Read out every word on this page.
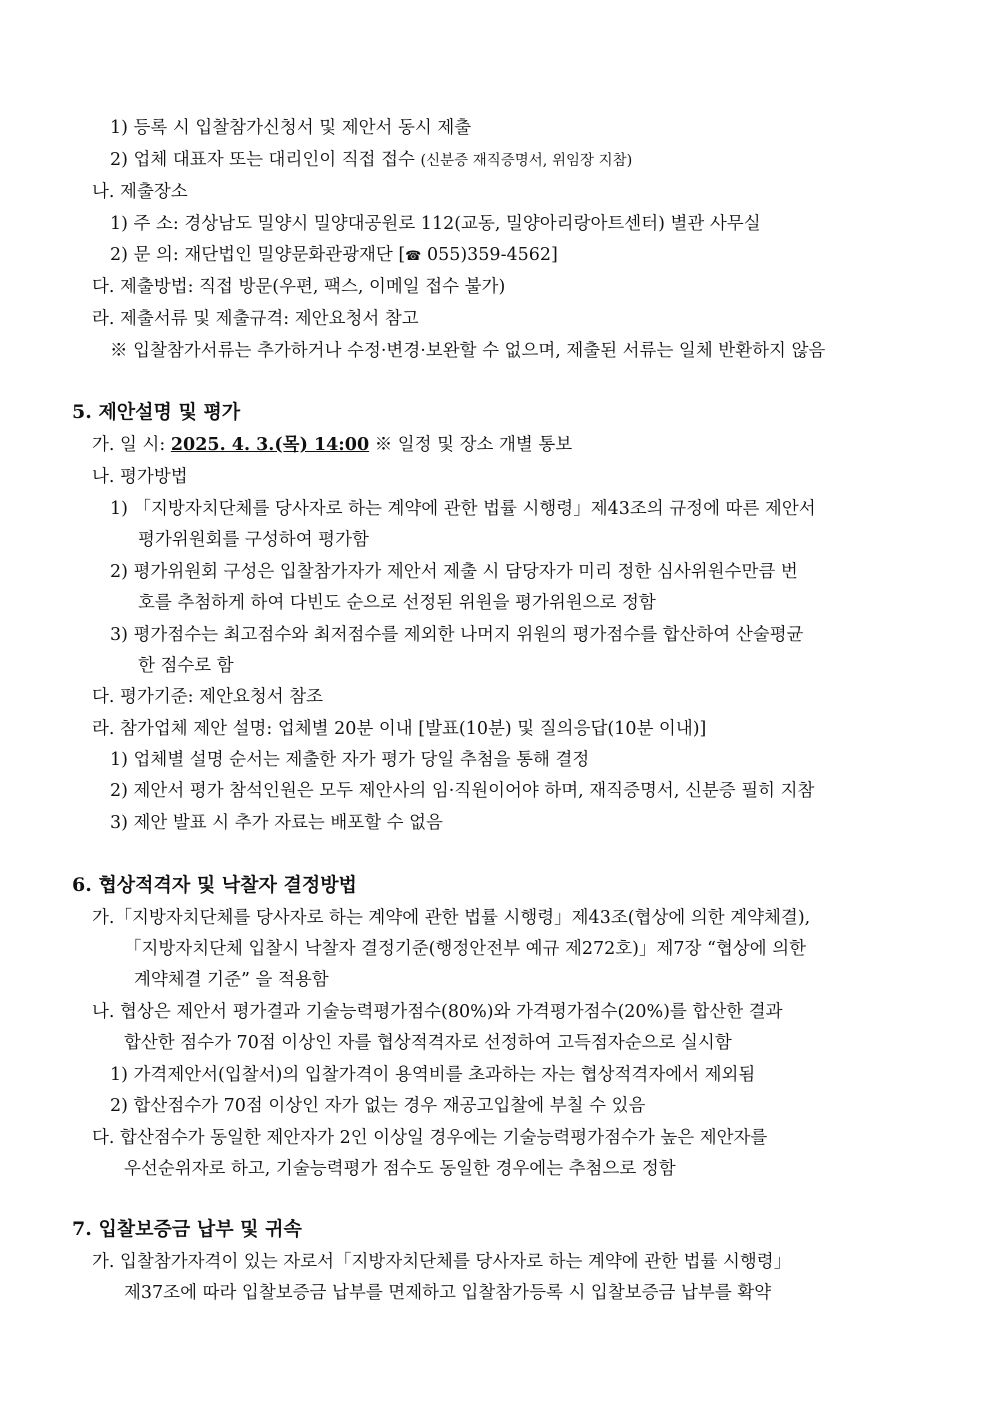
1) 등록 시 입찰참가신청서 및 제안서 동시 제출
2) 업체 대표자 또는 대리인이 직접 접수 (신분증 재직증명서, 위임장 지참)
나. 제출장소
1) 주 소: 경상남도 밀양시 밀양대공원로 112(교동, 밀양아리랑아트센터) 별관 사무실
2) 문 의: 재단법인 밀양문화관광재단 [☎ 055)359-4562]
다. 제출방법: 직접 방문(우편, 팩스, 이메일 접수 불가)
라. 제출서류 및 제출규격: 제안요청서 참고
※ 입찰참가서류는 추가하거나 수정·변경·보완할 수 없으며, 제출된 서류는 일체 반환하지 않음
5. 제안설명 및 평가
가. 일 시: 2025. 4. 3.(목) 14:00 ※ 일정 및 장소 개별 통보
나. 평가방법
1) 「지방자치단체를 당사자로 하는 계약에 관한 법률 시행령」제43조의 규정에 따른 제안서
평가위원회를 구성하여 평가함
2) 평가위원회 구성은 입찰참가자가 제안서 제출 시 담당자가 미리 정한 심사위원수만큼 번
호를 추첨하게 하여 다빈도 순으로 선정된 위원을 평가위원으로 정함
3) 평가점수는 최고점수와 최저점수를 제외한 나머지 위원의 평가점수를 합산하여 산술평균
한 점수로 함
다. 평가기준: 제안요청서 참조
라. 참가업체 제안 설명: 업체별 20분 이내 [발표(10분) 및 질의응답(10분 이내)]
1) 업체별 설명 순서는 제출한 자가 평가 당일 추첨을 통해 결정
2) 제안서 평가 참석인원은 모두 제안사의 임·직원이어야 하며, 재직증명서, 신분증 필히 지참
3) 제안 발표 시 추가 자료는 배포할 수 없음
6. 협상적격자 및 낙찰자 결정방법
가.「지방자치단체를 당사자로 하는 계약에 관한 법률 시행령」제43조(협상에 의한 계약체결),
「지방자치단체 입찰시 낙찰자 결정기준(행정안전부 예규 제272호)」제7장 “협상에 의한
계약체결 기준” 을 적용함
나. 협상은 제안서 평가결과 기술능력평가점수(80%)와 가격평가점수(20%)를 합산한 결과
합산한 점수가 70점 이상인 자를 협상적격자로 선정하여 고득점자순으로 실시함
1) 가격제안서(입찰서)의 입찰가격이 용역비를 초과하는 자는 협상적격자에서 제외됨
2) 합산점수가 70점 이상인 자가 없는 경우 재공고입찰에 부칠 수 있음
다. 합산점수가 동일한 제안자가 2인 이상일 경우에는 기술능력평가점수가 높은 제안자를
우선순위자로 하고, 기술능력평가 점수도 동일한 경우에는 추첨으로 정함
7. 입찰보증금 납부 및 귀속
가. 입찰참가자격이 있는 자로서「지방자치단체를 당사자로 하는 계약에 관한 법률 시행령」
제37조에 따라 입찰보증금 납부를 면제하고 입찰참가등록 시 입찰보증금 납부를 확약
